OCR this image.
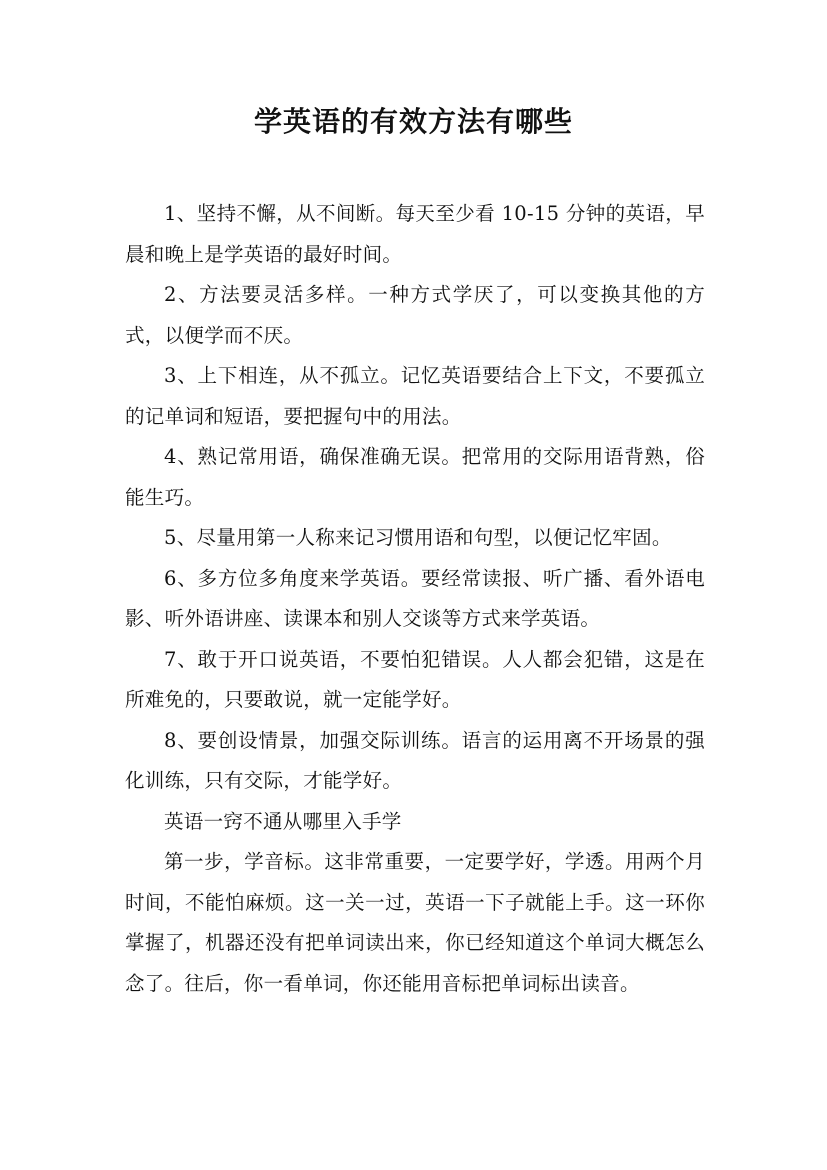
学英语的有效方法有哪些

1、坚持不懈，从不间断。每天至少看 10-15 分钟的英语，早晨和晚上是学英语的最好时间。

2、方法要灵活多样。一种方式学厌了，可以变换其他的方式，以便学而不厌。

3、上下相连，从不孤立。记忆英语要结合上下文，不要孤立的记单词和短语，要把握句中的用法。

4、熟记常用语，确保准确无误。把常用的交际用语背熟，俗能生巧。

5、尽量用第一人称来记习惯用语和句型，以便记忆牢固。

6、多方位多角度来学英语。要经常读报、听广播、看外语电影、听外语讲座、读课本和别人交谈等方式来学英语。

7、敢于开口说英语，不要怕犯错误。人人都会犯错，这是在所难免的，只要敢说，就一定能学好。

8、要创设情景，加强交际训练。语言的运用离不开场景的强化训练，只有交际，才能学好。

英语一窍不通从哪里入手学

第一步，学音标。这非常重要，一定要学好，学透。用两个月时间，不能怕麻烦。这一关一过，英语一下子就能上手。这一环你掌握了，机器还没有把单词读出来，你已经知道这个单词大概怎么念了。往后，你一看单词，你还能用音标把单词标出读音。
